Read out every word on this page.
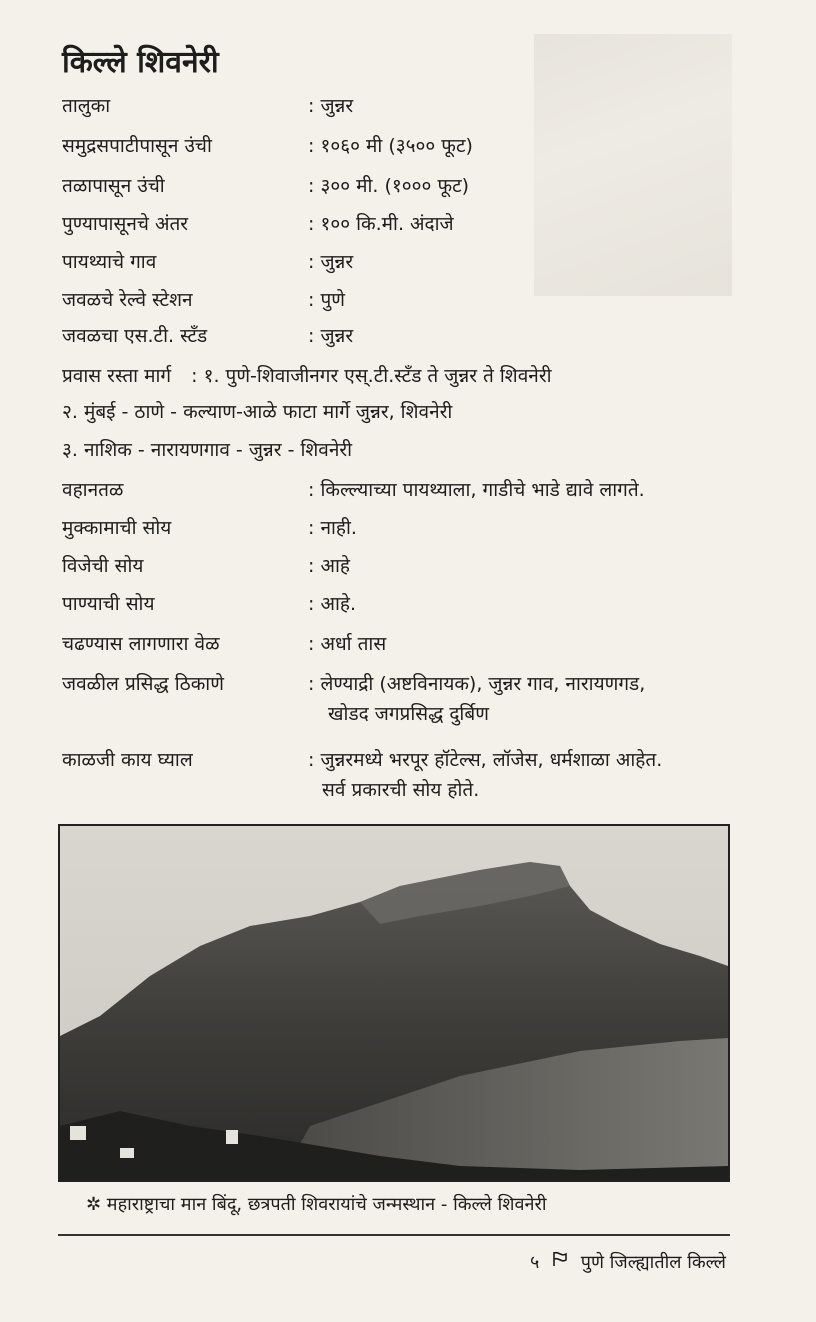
किल्ले शिवनेरी
तालुका	: जुन्नर
समुद्रसपाटीपासून उंची	: १०६० मी (३५०० फूट)
तळापासून उंची	: ३०० मी. (१००० फूट)
पुण्यापासूनचे अंतर	: १०० कि.मी. अंदाजे
पायथ्याचे गाव	: जुन्नर
जवळचे रेल्वे स्टेशन	: पुणे
जवळचा एस.टी. स्टँड	: जुन्नर
प्रवास रस्ता मार्ग : १. पुणे-शिवाजीनगर एस्.टी.स्टँड ते जुन्नर ते शिवनेरी
२. मुंबई - ठाणे - कल्याण-आळे फाटा मार्गे जुन्नर, शिवनेरी
३. नाशिक - नारायणगाव - जुन्नर - शिवनेरी
वहानतळ	: किल्ल्याच्या पायथ्याला, गाडीचे भाडे द्यावे लागते.
मुक्कामाची सोय	: नाही.
विजेची सोय	: आहे
पाण्याची सोय	: आहे.
चढण्यास लागणारा वेळ	: अर्धा तास
जवळील प्रसिद्ध ठिकाणे	: लेण्याद्री (अष्टविनायक), जुन्नर गाव, नारायणगड,
खोडद जगप्रसिद्ध दुर्बिण
काळजी काय घ्याल	: जुन्नरमध्ये भरपूर हॉटेल्स, लॉजेस, धर्मशाळा आहेत.
सर्व प्रकारची सोय होते.
✲ महाराष्ट्राचा मान बिंदू, छत्रपती शिवरायांचे जन्मस्थान - किल्ले शिवनेरी
५ पुणे जिल्ह्यातील किल्ले
